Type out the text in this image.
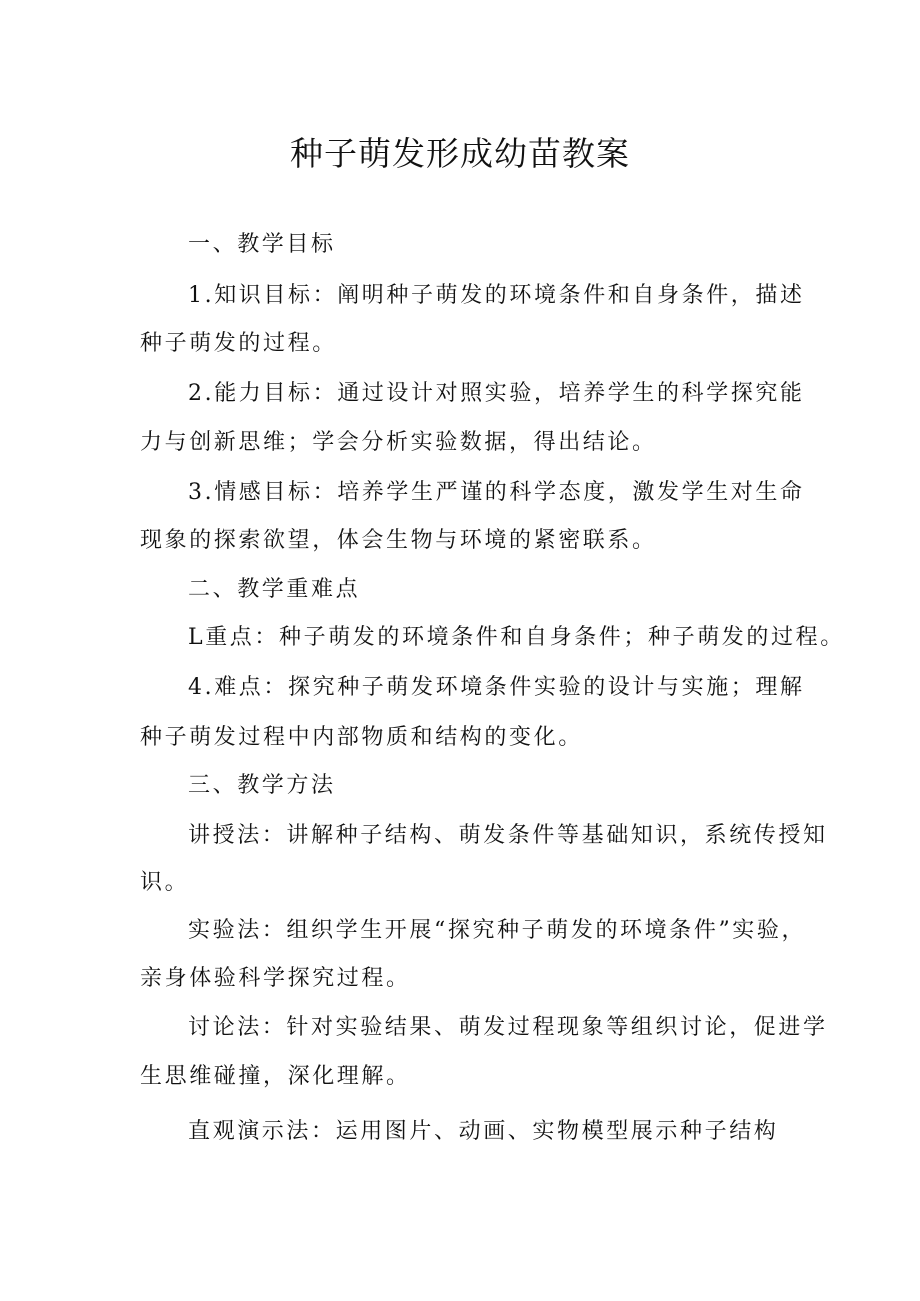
种子萌发形成幼苗教案

一、教学目标

1.知识目标：阐明种子萌发的环境条件和自身条件，描述

种子萌发的过程。

2.能力目标：通过设计对照实验，培养学生的科学探究能

力与创新思维；学会分析实验数据，得出结论。

3.情感目标：培养学生严谨的科学态度，激发学生对生命

现象的探索欲望，体会生物与环境的紧密联系。

二、教学重难点

L重点：种子萌发的环境条件和自身条件；种子萌发的过程。

4.难点：探究种子萌发环境条件实验的设计与实施；理解

种子萌发过程中内部物质和结构的变化。

三、教学方法

讲授法：讲解种子结构、萌发条件等基础知识，系统传授知

识。

实验法：组织学生开展“探究种子萌发的环境条件”实验，

亲身体验科学探究过程。

讨论法：针对实验结果、萌发过程现象等组织讨论，促进学

生思维碰撞，深化理解。

直观演示法：运用图片、动画、实物模型展示种子结构
